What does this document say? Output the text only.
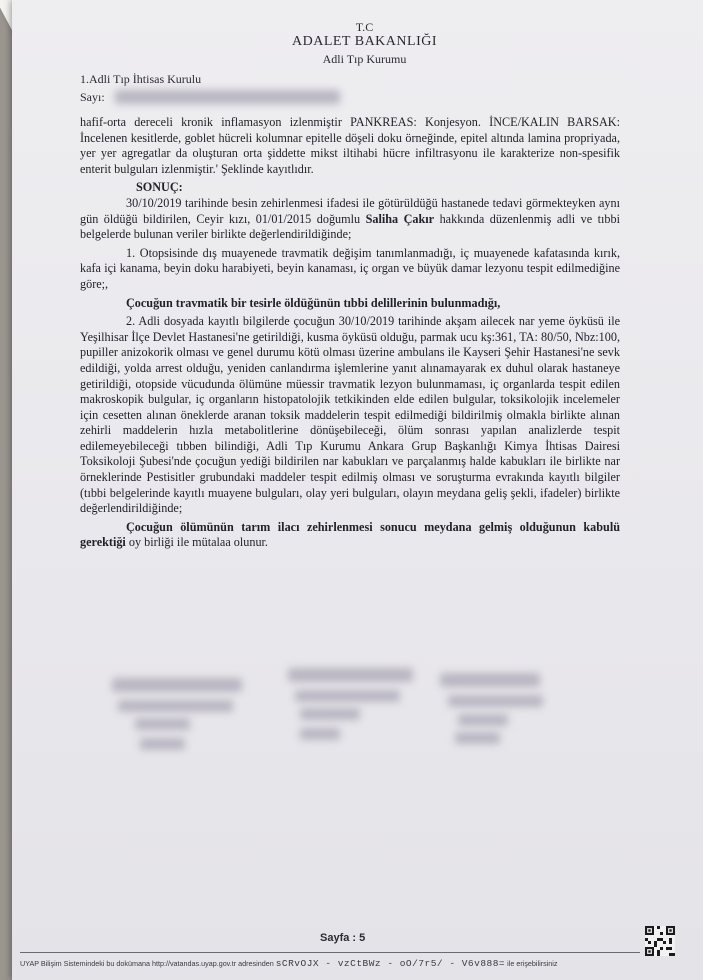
T.C
ADALET BAKANLIĞI
Adli Tıp Kurumu
1.Adli Tıp İhtisas Kurulu
Sayı:

hafif-orta dereceli kronik inflamasyon izlenmiştir PANKREAS: Konjesyon. İNCE/KALIN BARSAK: İncelenen kesitlerde, goblet hücreli kolumnar epitelle döşeli doku örneğinde, epitel altında lamina propriyada, yer yer agregatlar da oluşturan orta şiddette mikst iltihabi hücre infiltrasyonu ile karakterize non-spesifik enterit bulguları izlenmiştir.' Şeklinde kayıtlıdır.

SONUÇ:

30/10/2019 tarihinde besin zehirlenmesi ifadesi ile götürüldüğü hastanede tedavi görmekteyken aynı gün öldüğü bildirilen, Ceyir kızı, 01/01/2015 doğumlu Saliha Çakır hakkında düzenlenmiş adli ve tıbbi belgelerde bulunan veriler birlikte değerlendirildiğinde;

1. Otopsisinde dış muayenede travmatik değişim tanımlanmadığı, iç muayenede kafatasında kırık, kafa içi kanama, beyin doku harabiyeti, beyin kanaması, iç organ ve büyük damar lezyonu tespit edilmediğine göre;,

Çocuğun travmatik bir tesirle öldüğünün tıbbi delillerinin bulunmadığı,

2. Adli dosyada kayıtlı bilgilerde çocuğun 30/10/2019 tarihinde akşam ailecek nar yeme öyküsü ile Yeşilhisar İlçe Devlet Hastanesi'ne getirildiği, kusma öyküsü olduğu, parmak ucu kş:361, TA: 80/50, Nbz:100, pupiller anizokorik olması ve genel durumu kötü olması üzerine ambulans ile Kayseri Şehir Hastanesi'ne sevk edildiği, yolda arrest olduğu, yeniden canlandırma işlemlerine yanıt alınamayarak ex duhul olarak hastaneye getirildiği, otopside vücudunda ölümüne müessir travmatik lezyon bulunmaması, iç organlarda tespit edilen makroskopik bulgular, iç organların histopatolojik tetkikinden elde edilen bulgular, toksikolojik incelemeler için cesetten alınan öneklerde aranan toksik maddelerin tespit edilmediği bildirilmiş olmakla birlikte alınan zehirli maddelerin hızla metabolitlerine dönüşebileceği, ölüm sonrası yapılan analizlerde tespit edilemeyebileceği tıbben bilindiği, Adli Tıp Kurumu Ankara Grup Başkanlığı Kimya İhtisas Dairesi Toksikoloji Şubesi'nde çocuğun yediği bildirilen nar kabukları ve parçalanmış halde kabukları ile birlikte nar örneklerinde Pestisitler grubundaki maddeler tespit edilmiş olması ve soruşturma evrakında kayıtlı bilgiler (tıbbi belgelerinde kayıtlı muayene bulguları, olay yeri bulguları, olayın meydana geliş şekli, ifadeler) birlikte değerlendirildiğinde;

Çocuğun ölümünün tarım ilacı zehirlenmesi sonucu meydana gelmiş olduğunun kabulü gerektiği oy birliği ile mütalaa olunur.

Sayfa : 5
UYAP Bilişim Sistemindeki bu dokümana http://vatandas.uyap.gov.tr adresinden sCRvOJX - vzCtBWz - oO/7r5/ - V6v888= ile erişebilirsiniz
